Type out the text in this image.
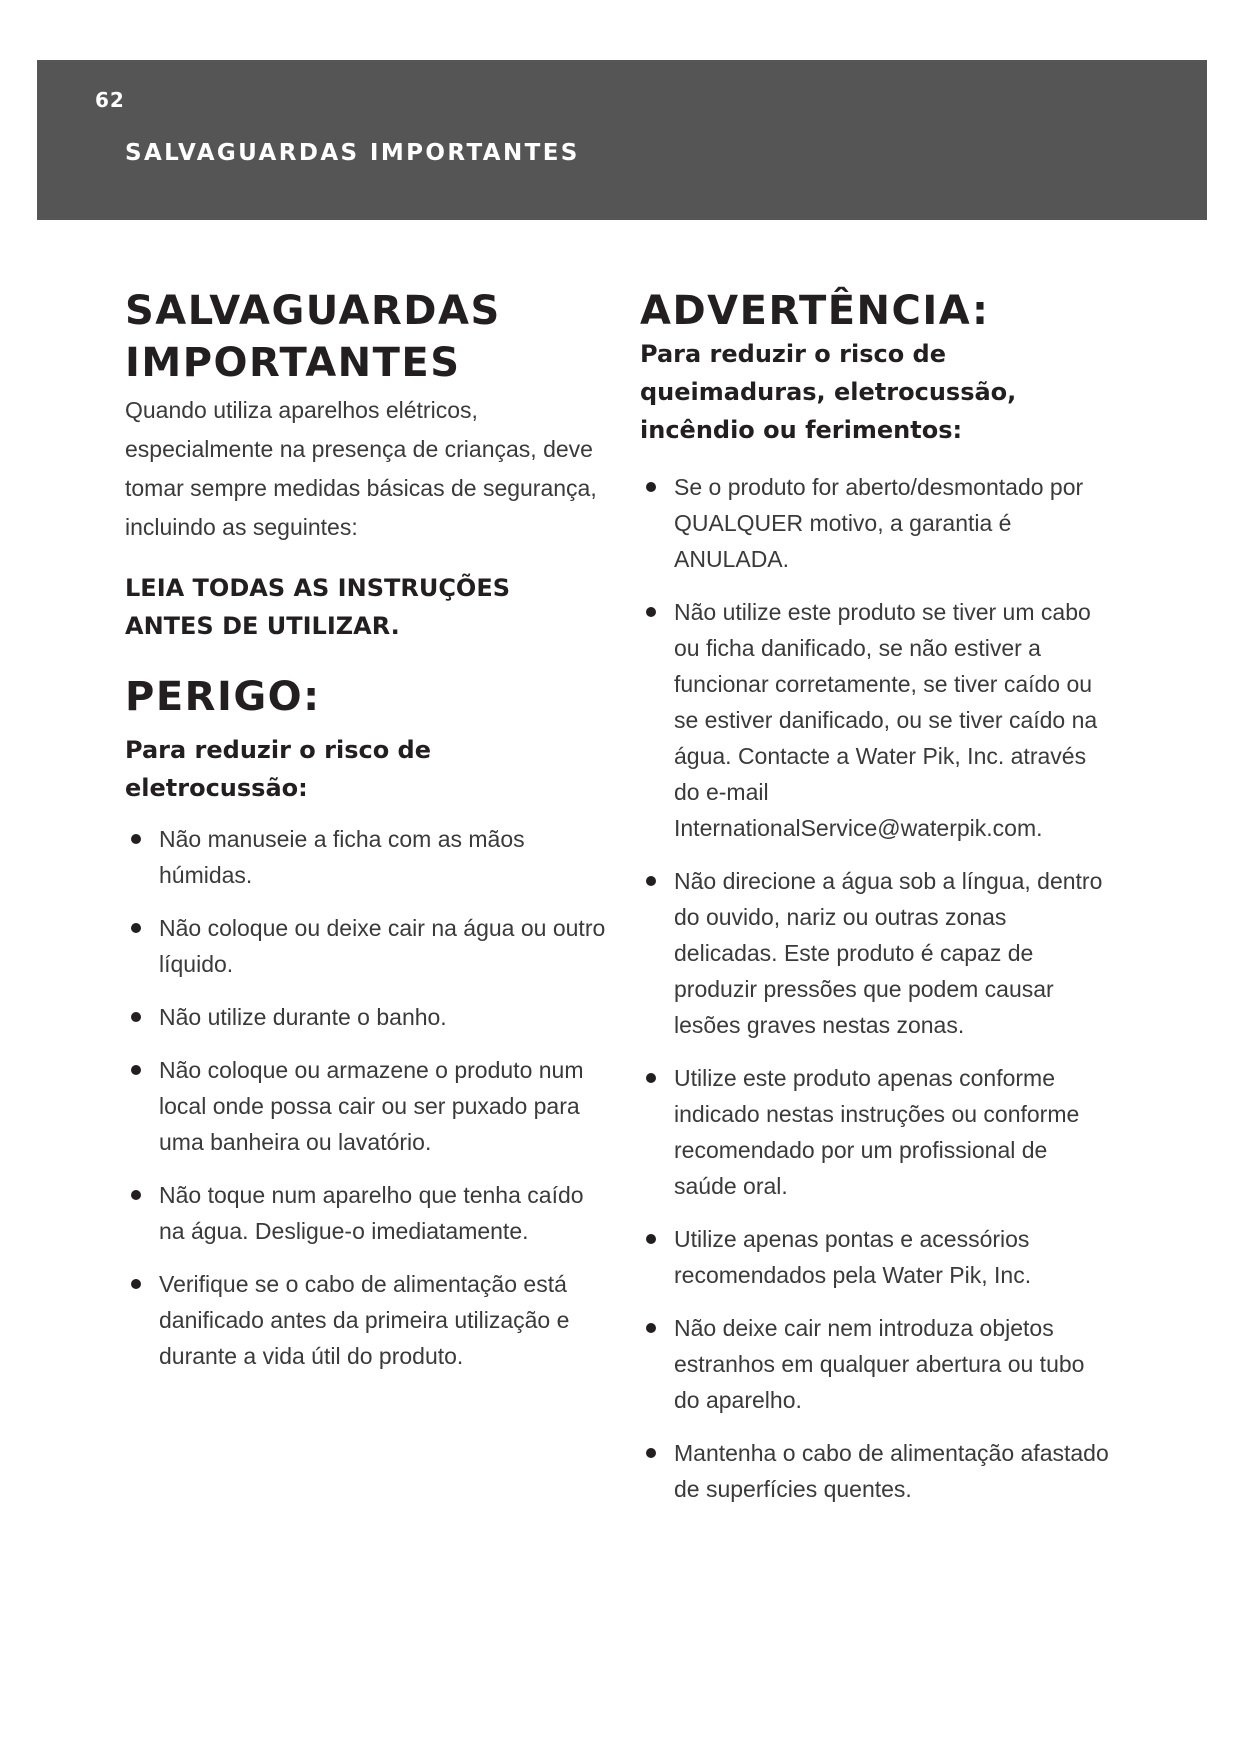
62
SALVAGUARDAS IMPORTANTES
SALVAGUARDAS
IMPORTANTES

Quando utiliza aparelhos elétricos, especialmente na presença de crianças, deve tomar sempre medidas básicas de segurança, incluindo as seguintes:

LEIA TODAS AS INSTRUÇÕES
ANTES DE UTILIZAR.
PERIGO:
Para reduzir o risco de
eletrocussão:
Não manuseie a ficha com as mãos húmidas.
Não coloque ou deixe cair na água ou outro líquido.
Não utilize durante o banho.
Não coloque ou armazene o produto num local onde possa cair ou ser puxado para uma banheira ou lavatório.
Não toque num aparelho que tenha caído na água. Desligue-o imediatamente.
Verifique se o cabo de alimentação está danificado antes da primeira utilização e durante a vida útil do produto.
ADVERTÊNCIA:
Para reduzir o risco de
queimaduras, eletrocussão,
incêndio ou ferimentos:
Se o produto for aberto/desmontado por QUALQUER motivo, a garantia é ANULADA.
Não utilize este produto se tiver um cabo ou ficha danificado, se não estiver a funcionar corretamente, se tiver caído ou se estiver danificado, ou se tiver caído na água. Contacte a Water Pik, Inc. através do e-mail InternationalService@waterpik.com.
Não direcione a água sob a língua, dentro do ouvido, nariz ou outras zonas delicadas. Este produto é capaz de produzir pressões que podem causar lesões graves nestas zonas.
Utilize este produto apenas conforme indicado nestas instruções ou conforme recomendado por um profissional de saúde oral.
Utilize apenas pontas e acessórios recomendados pela Water Pik, Inc.
Não deixe cair nem introduza objetos estranhos em qualquer abertura ou tubo do aparelho.
Mantenha o cabo de alimentação afastado de superfícies quentes.
